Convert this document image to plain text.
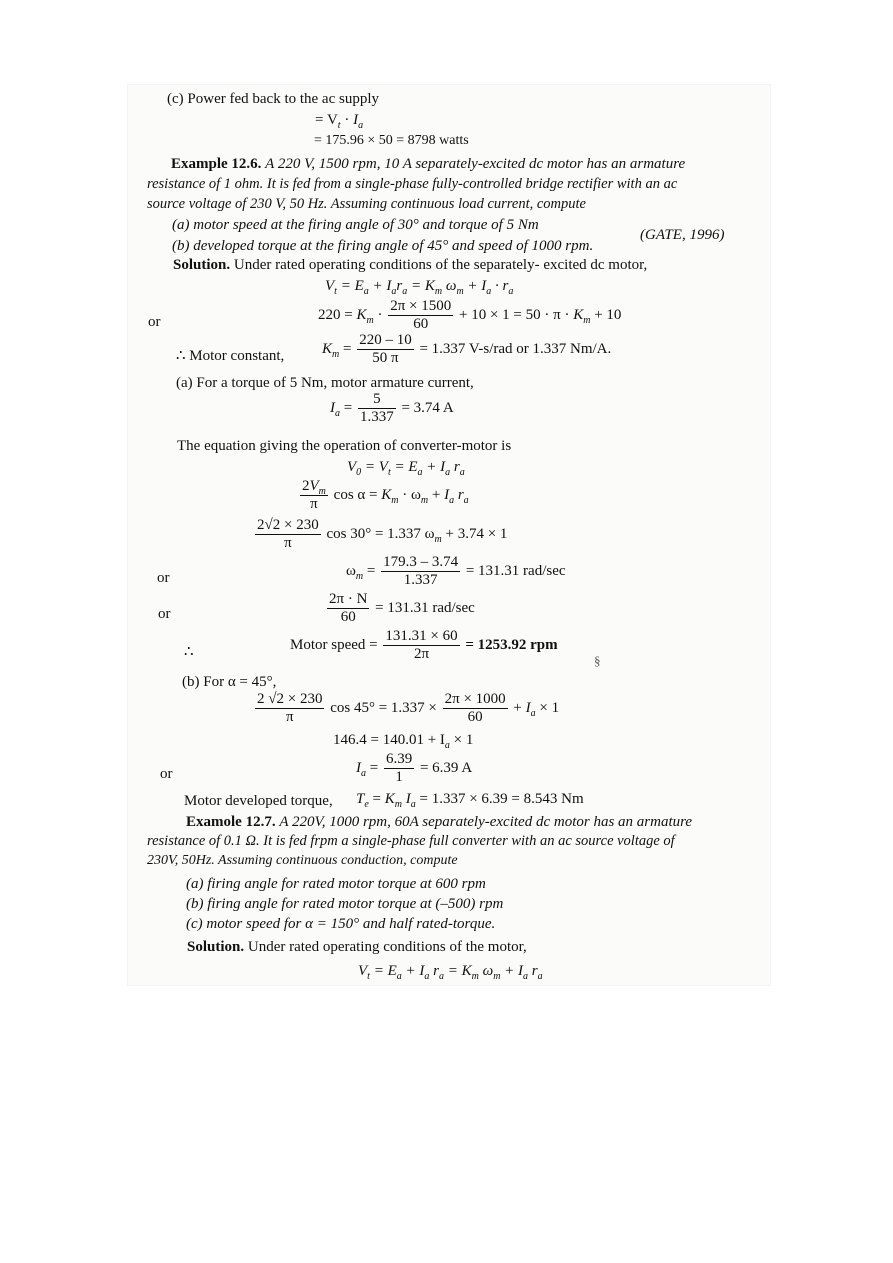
(c) Power fed back to the ac supply
= $V_t \cdot I_a$
= 175.96 × 50 = 8798 watts
Example 12.6. A 220 V, 1500 rpm, 10 A separately-excited dc motor has an armature
resistance of 1 ohm. It is fed from a single-phase fully-controlled bridge rectifier with an ac
source voltage of 230 V, 50 Hz. Assuming continuous load current, compute
(a) motor speed at the firing angle of 30° and torque of 5 Nm
(b) developed torque at the firing angle of 45° and speed of 1000 rpm.
(GATE, 1996)
Solution. Under rated operating conditions of the separately- excited dc motor,
$V_t = E_a + I_ar_a = K_m$ $\omega_m + I_a \cdot r_a$
or	$220 = K_m \cdot \frac{2\pi \times 1500}{60} + 10 \times 1 = 50 \cdot \pi \cdot K_m + 10$
∴ Motor constant,	$K_m = \frac{220 - 10}{50 \pi} = 1.337$ V-s/rad or 1.337 Nm/A.
(a) For a torque of 5 Nm, motor armature current,
$I_a = \frac{5}{1.337} = 3.74$ A
The equation giving the operation of converter-motor is
$V_0 = V_t = E_a + I_a$ $r_a$
$\frac{2V_m}{\pi}$ $\cos \alpha = K_m \cdot \omega_m + I_a$ $r_a$
$\frac{2√2 \times 230}{\pi}$ cos 30° = 1.337 $\omega_m + 3.74 \times 1$
or	$\omega_m = \frac{179.3 - 3.74}{1.337} = 131.31$ rad/sec
or	$\frac{2\pi \cdot N}{60} = 131.31$ rad/sec
∴	Motor speed = $\frac{131.31 \times 60}{2\pi} = 1253.92$ rpm
(b) For α = 45°,
$\frac{2 √2 \times 230}{\pi}$ $\cos 45^\circ = 1.337 \times \frac{2\pi \times 1000}{60} + I_a \times 1$
$146.4 = 140.01 + I_a \times 1$
or	$I_a = \frac{6.39}{1} = 6.39$ A
Motor developed torque, $T_e = K_m$ $I_a = 1.337 \times 6.39 = 8.543$ Nm
Examole 12.7. A 220V, 1000 rpm, 60A separately-excited dc motor has an armature
resistance of 0.1 Ω. It is fed frpm a single-phase full converter with an ac source voltage of
230V, 50Hz. Assuming continuous conduction, compute
(a) firing angle for rated motor torque at 600 rpm
(b) firing angle for rated motor torque at (–500) rpm
(c) motor speed for α = 150° and half rated-torque.
Solution. Under rated operating conditions of the motor,
$V_t = E_a + I_a$ $r_a = K_m$ $\omega_m + I_a$ $r_a$
§
